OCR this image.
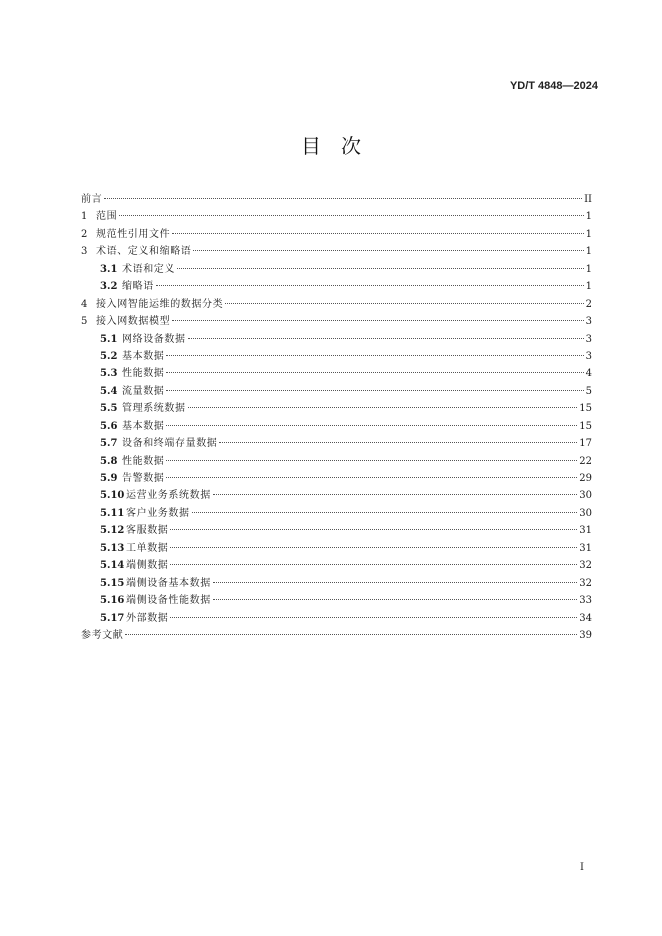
YD/T 4848—2024
目　次
前言	II
1 范围	1
2 规范性引用文件	1
3 术语、定义和缩略语	1
3.1 术语和定义	1
3.2 缩略语	1
4 接入网智能运维的数据分类	2
5 接入网数据模型	3
5.1 网络设备数据	3
5.2 基本数据	3
5.3 性能数据	4
5.4 流量数据	5
5.5 管理系统数据	15
5.6 基本数据	15
5.7 设备和终端存量数据	17
5.8 性能数据	22
5.9 告警数据	29
5.10 运营业务系统数据	30
5.11 客户业务数据	30
5.12 客服数据	31
5.13 工单数据	31
5.14 端侧数据	32
5.15 端侧设备基本数据	32
5.16 端侧设备性能数据	33
5.17 外部数据	34
参考文献	39
I
